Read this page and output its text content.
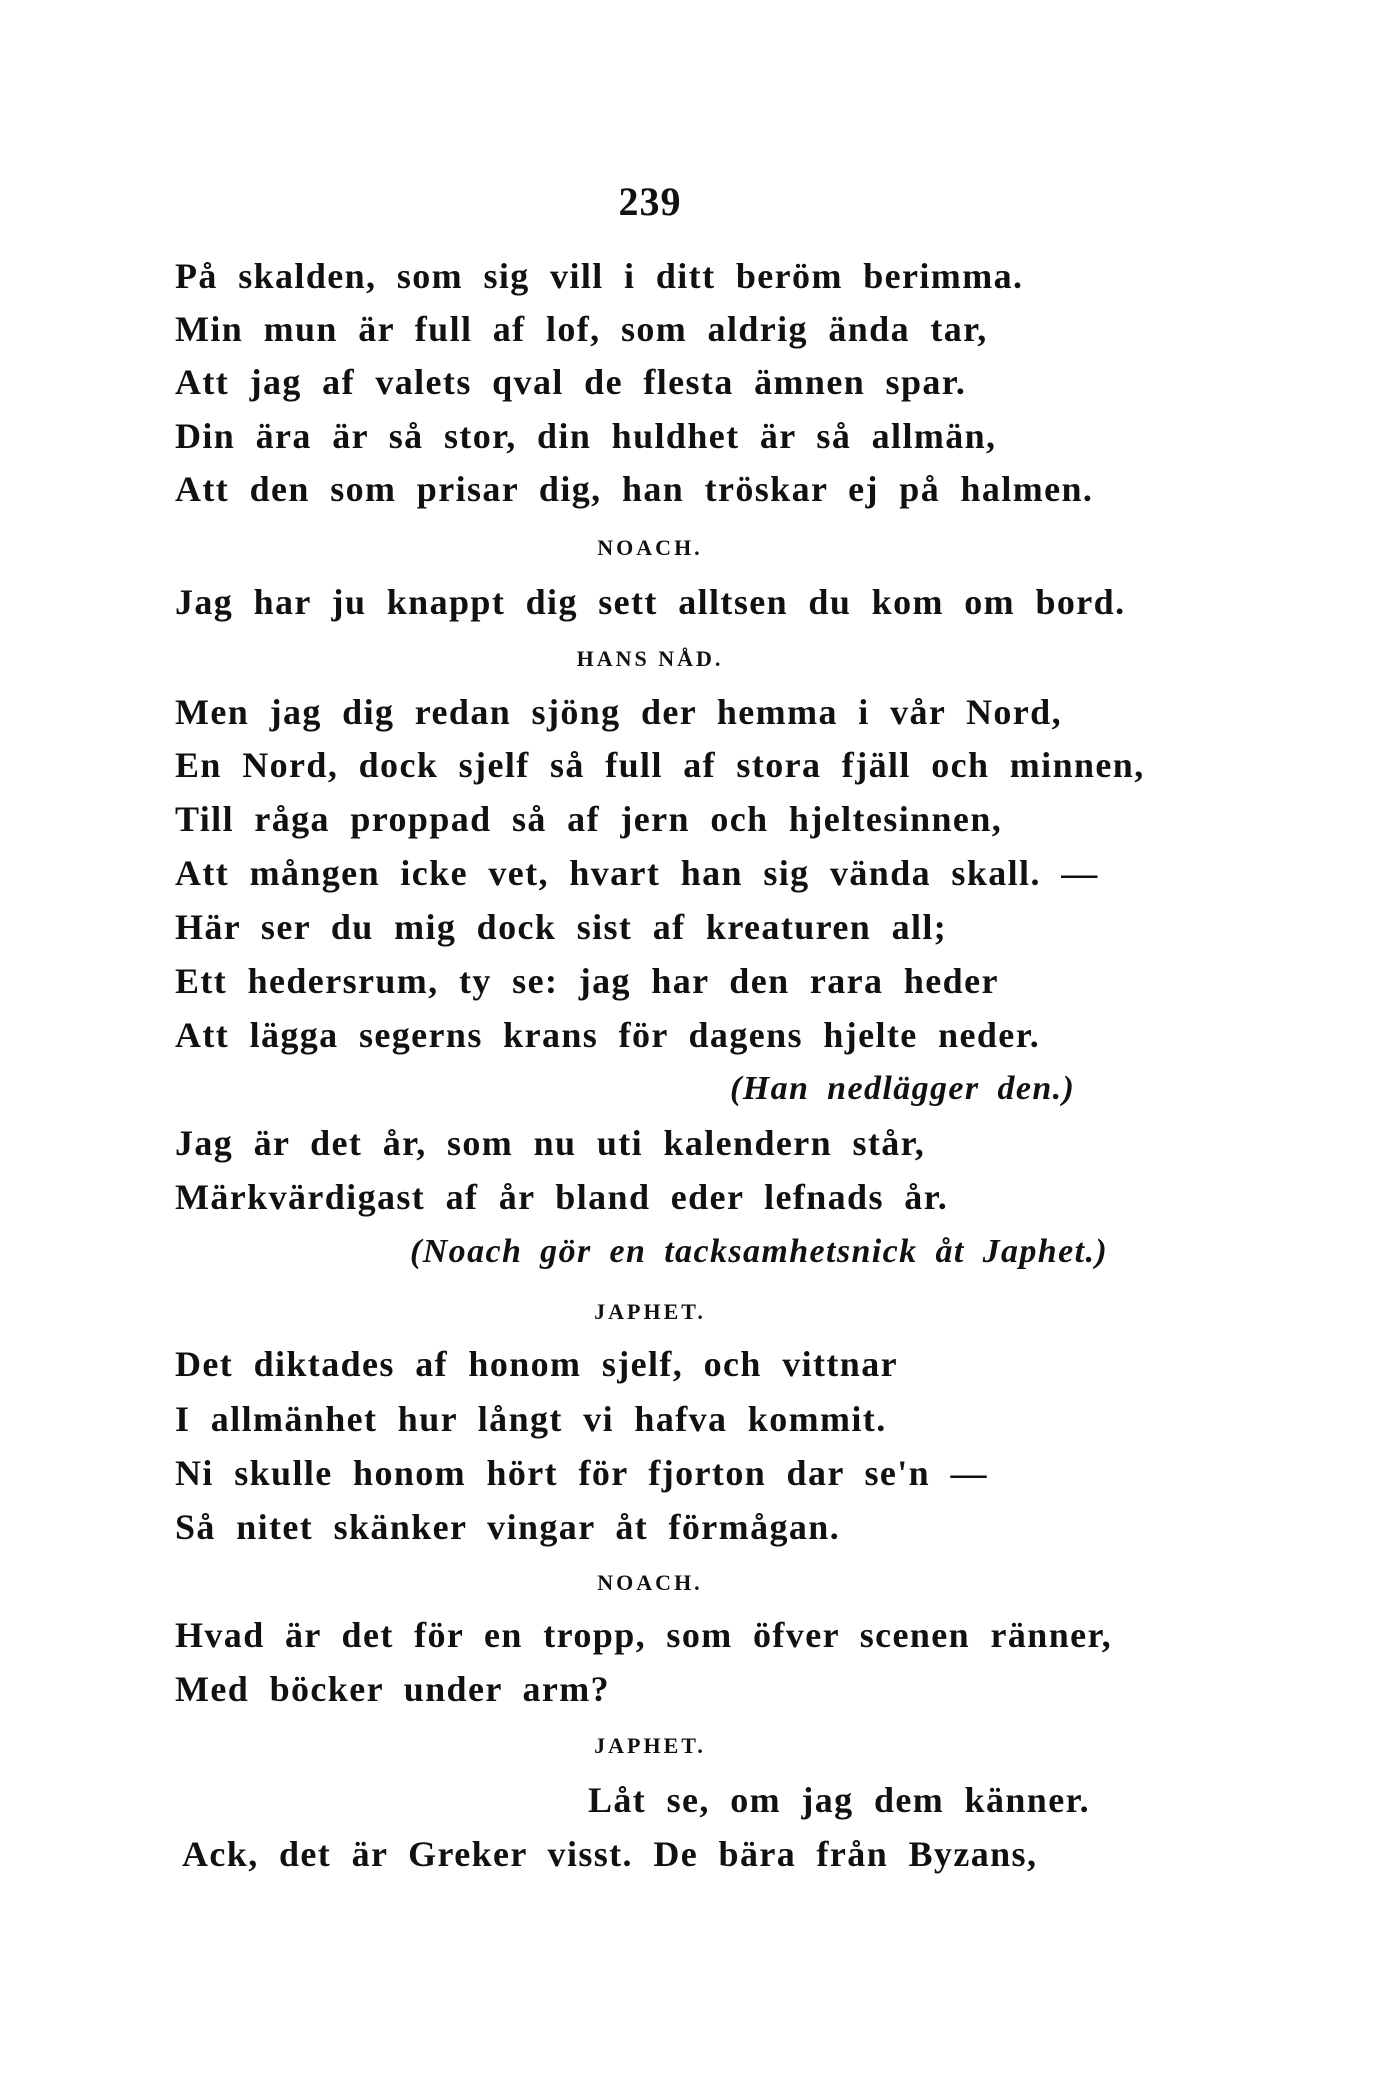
239
På skalden, som sig vill i ditt beröm berimma.
Min mun är full af lof, som aldrig ända tar,
Att jag af valets qval de flesta ämnen spar.
Din ära är så stor, din huldhet är så allmän,
Att den som prisar dig, han tröskar ej på halmen.
NOACH.
Jag har ju knappt dig sett alltsen du kom om bord.
HANS NÅD.
Men jag dig redan sjöng der hemma i vår Nord,
En Nord, dock sjelf så full af stora fjäll och minnen,
Till råga proppad så af jern och hjeltesinnen,
Att mången icke vet, hvart han sig vända skall. —
Här ser du mig dock sist af kreaturen all;
Ett hedersrum, ty se: jag har den rara heder
Att lägga segerns krans för dagens hjelte neder.
(Han nedlägger den.)
Jag är det år, som nu uti kalendern står,
Märkvärdigast af år bland eder lefnads år.
(Noach gör en tacksamhetsnick åt Japhet.)
JAPHET.
Det diktades af honom sjelf, och vittnar
I allmänhet hur långt vi hafva kommit.
Ni skulle honom hört för fjorton dar se'n —
Så nitet skänker vingar åt förmågan.
NOACH.
Hvad är det för en tropp, som öfver scenen ränner,
Med böcker under arm?
JAPHET.
Låt se, om jag dem känner.
Ack, det är Greker visst. De bära från Byzans,
